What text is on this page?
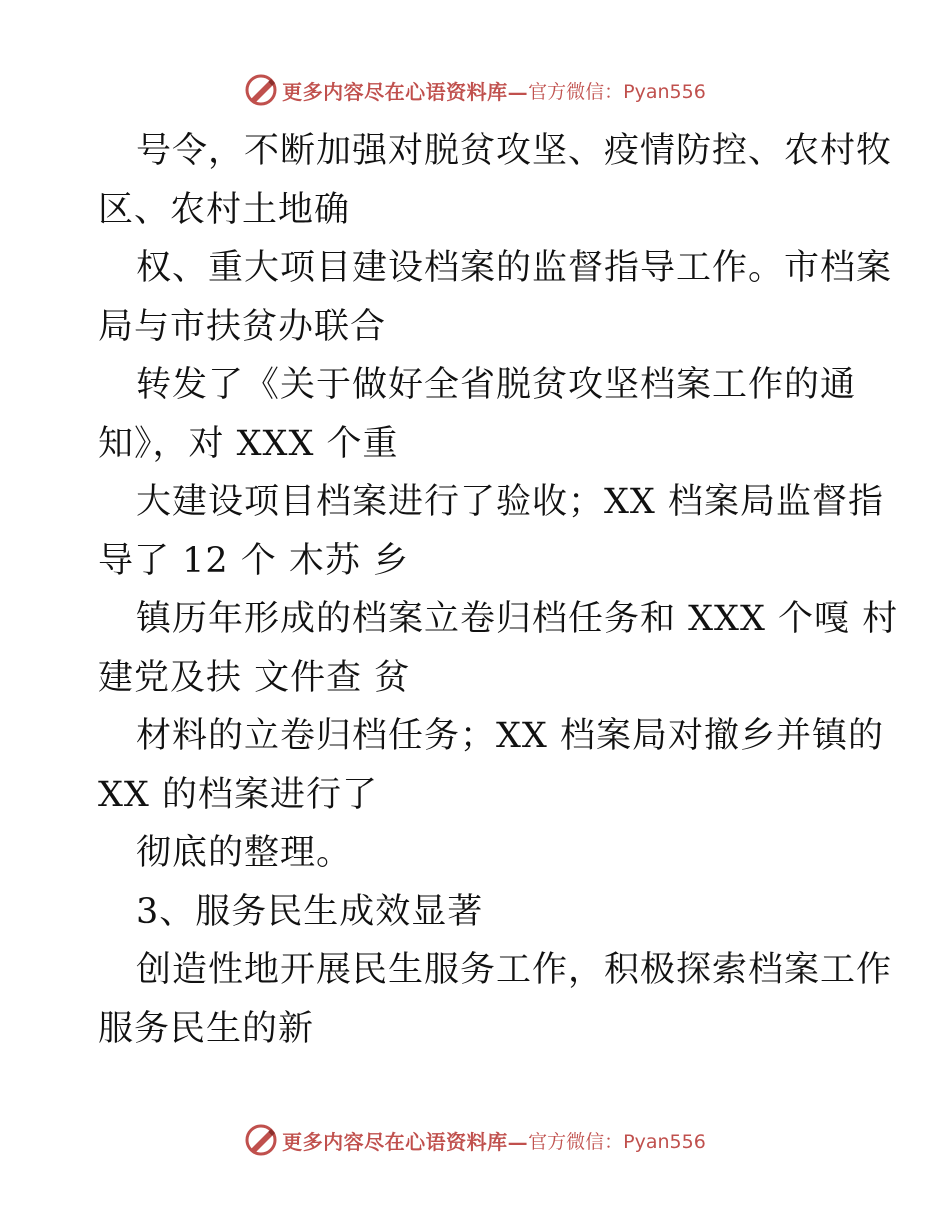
更多内容尽在心语资料库— 官方微信：Pyan556
号令，不断加强对脱贫攻坚、疫情防控、农村牧
区、农村土地确
权、重大项目建设档案的监督指导工作。市档案
局与市扶贫办联合
转发了《关于做好全省脱贫攻坚档案工作的通
知》，对 XXX 个重
大建设项目档案进行了验收；XX 档案局监督指
导了 12 个 木苏 乡
镇历年形成的档案立卷归档任务和 XXX 个嘎 村
建党及扶 文件查 贫
材料的立卷归档任务；XX 档案局对撤乡并镇的
XX 的档案进行了
彻底的整理。
3、服务民生成效显著
创造性地开展民生服务工作，积极探索档案工作
服务民生的新
更多内容尽在心语资料库— 官方微信：Pyan556
